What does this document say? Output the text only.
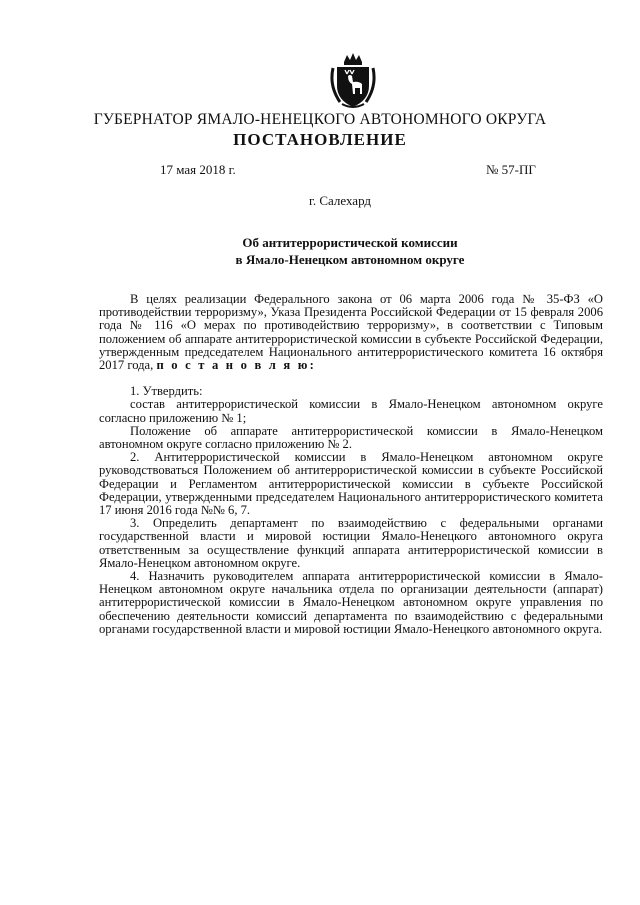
ГУБЕРНАТОР ЯМАЛО-НЕНЕЦКОГО АВТОНОМНОГО ОКРУГА
ПОСТАНОВЛЕНИЕ
17 мая 2018 г.	№ 57-ПГ
г. Салехард
Об антитеррористической комиссии
в Ямало-Ненецком автономном округе

В целях реализации Федерального закона от 06 марта 2006 года № 35-ФЗ «О противодействии терроризму», Указа Президента Российской Федерации от 15 февраля 2006 года № 116 «О мерах по противодействию терроризму», в соответствии с Типовым положением об аппарате антитеррористической комиссии в субъекте Российской Федерации, утвержденным председателем Национального антитеррористического комитета 16 октября 2017 года, п о с т а н о в л я ю:

1. Утвердить:

состав антитеррористической комиссии в Ямало-Ненецком автономном округе согласно приложению № 1;

Положение об аппарате антитеррористической комиссии в Ямало-Ненецком автономном округе согласно приложению № 2.

2. Антитеррористической комиссии в Ямало-Ненецком автономном округе руководствоваться Положением об антитеррористической комиссии в субъекте Российской Федерации и Регламентом антитеррористической комиссии в субъекте Российской Федерации, утвержденными председателем Национального антитеррористического комитета 17 июня 2016 года №№ 6, 7.

3. Определить департамент по взаимодействию с федеральными органами государственной власти и мировой юстиции Ямало-Ненецкого автономного округа ответственным за осуществление функций аппарата антитеррористической комиссии в Ямало-Ненецком автономном округе.

4. Назначить руководителем аппарата антитеррористической комиссии в Ямало-Ненецком автономном округе начальника отдела по организации деятельности (аппарат) антитеррористической комиссии в Ямало-Ненецком автономном округе управления по обеспечению деятельности комиссий департамента по взаимодействию с федеральными органами государственной власти и мировой юстиции Ямало-Ненецкого автономного округа.
